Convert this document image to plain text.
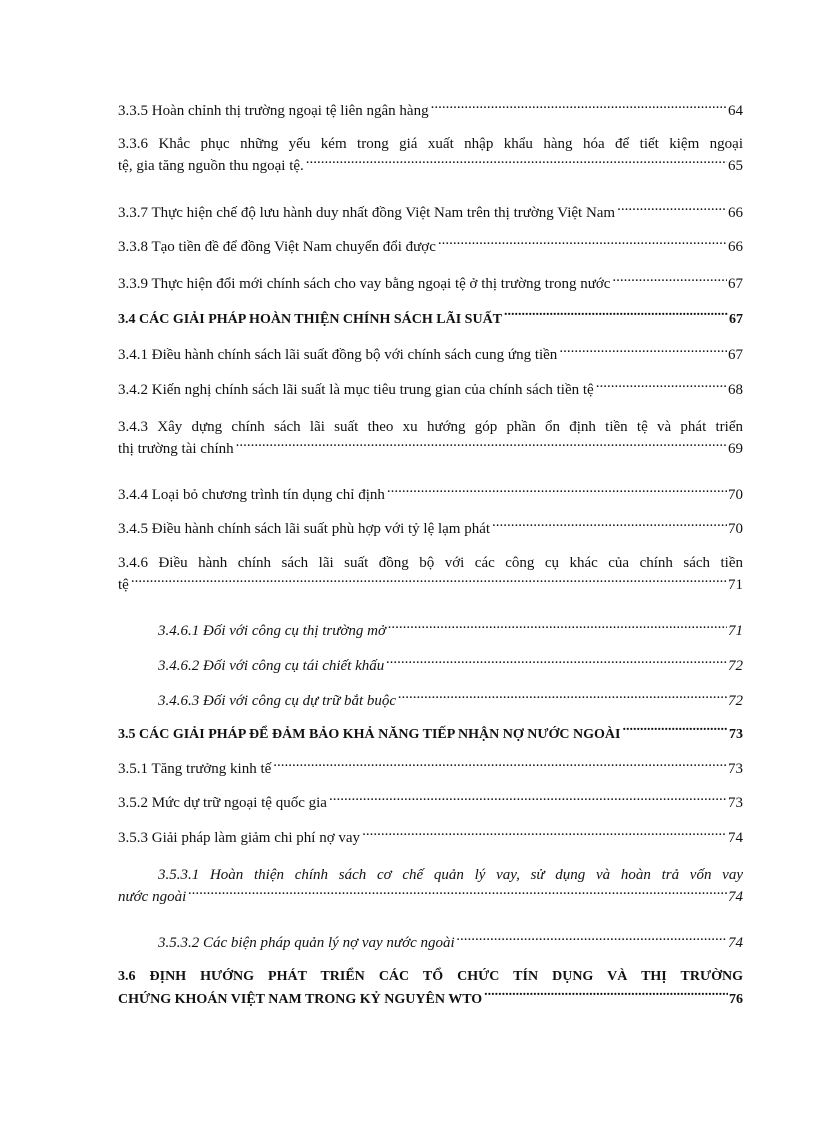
3.3.5 Hoàn chỉnh thị trường ngoại tệ liên ngân hàng .....	64
3.3.6 Khắc phục những yếu kém trong giá xuất nhập khẩu hàng hóa để tiết kiệm ngoại
tệ, gia tăng nguồn thu ngoại tệ. .....	65
3.3.7 Thực hiện chế độ lưu hành duy nhất đồng Việt Nam trên thị trường Việt Nam .....	66
3.3.8 Tạo tiền đề để đồng Việt Nam chuyển đổi được .....	66
3.3.9 Thực hiện đổi mới chính sách cho vay bằng ngoại tệ ở thị trường trong nước .....	67
3.4 CÁC GIẢI PHÁP HOÀN THIỆN CHÍNH SÁCH LÃI SUẤT .....	67
3.4.1 Điều hành chính sách lãi suất đồng bộ với chính sách cung ứng tiền .....	67
3.4.2 Kiến nghị chính sách lãi suất là mục tiêu trung gian của chính sách tiền tệ .....	68
3.4.3 Xây dựng chính sách lãi suất theo xu hướng góp phần ổn định tiền tệ và phát triển
thị trường tài chính .....	69
3.4.4 Loại bỏ chương trình tín dụng chỉ định .....	70
3.4.5 Điều hành chính sách lãi suất phù hợp với tỷ lệ lạm phát .....	70
3.4.6 Điều hành chính sách lãi suất đồng bộ với các công cụ khác của chính sách tiền
tệ .....	71
3.4.6.1 Đối với công cụ thị trường mở .....	71
3.4.6.2 Đối với công cụ tái chiết khấu .....	72
3.4.6.3 Đối với công cụ dự trữ bắt buộc .....	72
3.5 CÁC GIẢI PHÁP ĐỂ ĐẢM BẢO KHẢ NĂNG TIẾP NHẬN NỢ NƯỚC NGOÀI .....	73
3.5.1 Tăng trưởng kinh tế .....	73
3.5.2 Mức dự trữ ngoại tệ quốc gia .....	73
3.5.3 Giải pháp làm giảm chi phí nợ vay .....	74
3.5.3.1 Hoàn thiện chính sách cơ chế quản lý vay, sử dụng và hoàn trả vốn vay
nước ngoài .....	74
3.5.3.2 Các biện pháp quản lý nợ vay nước ngoài .....	74
3.6 ĐỊNH HƯỚNG PHÁT TRIỂN CÁC TỔ CHỨC TÍN DỤNG VÀ THỊ TRƯỜNG
CHỨNG KHOÁN VIỆT NAM TRONG KỶ NGUYÊN WTO .....	76
